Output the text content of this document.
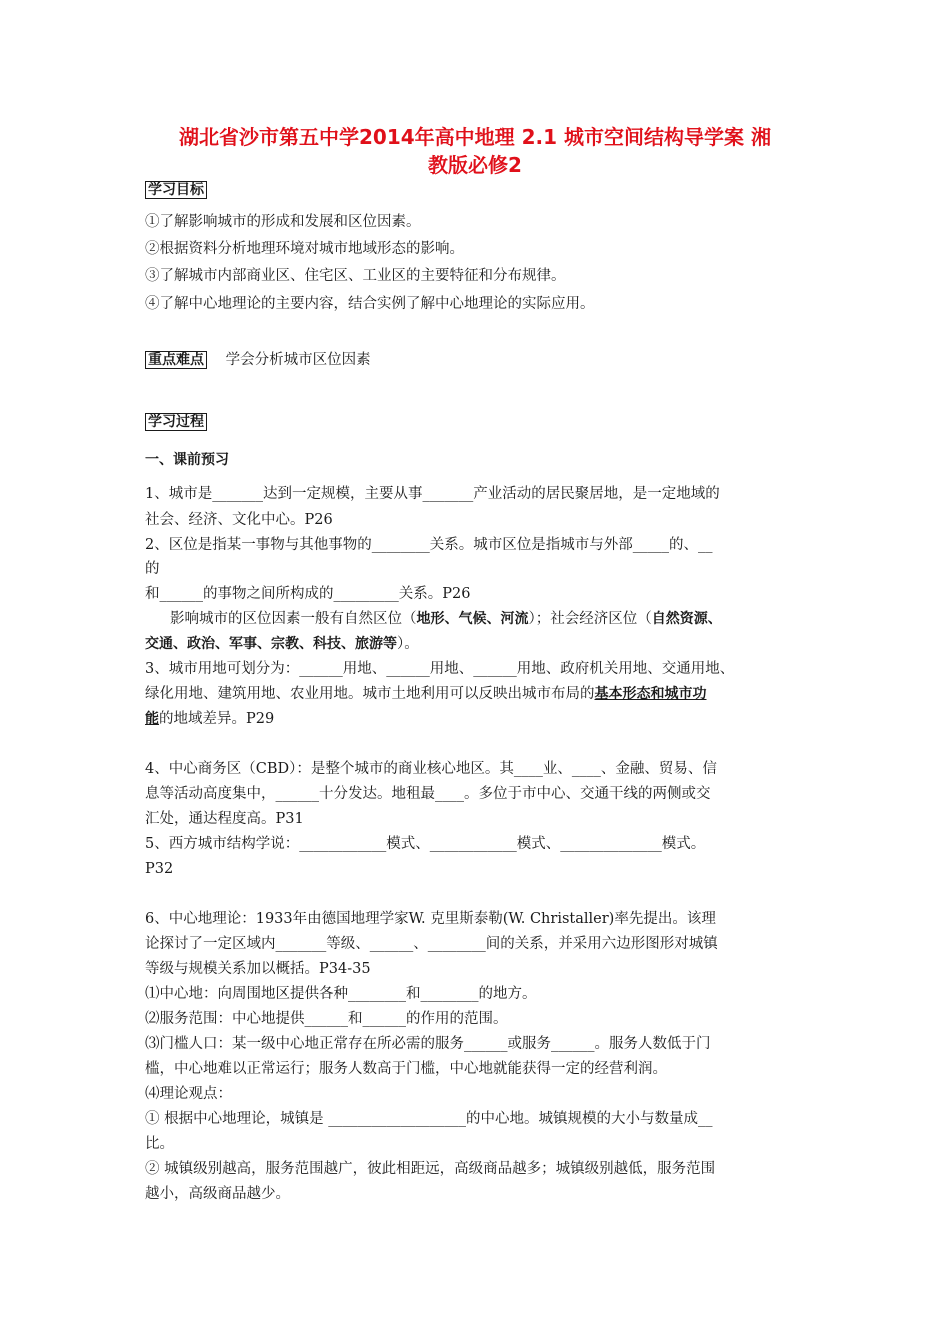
湖北省沙市第五中学2014年高中地理 2.1 城市空间结构导学案 湘
教版必修2
学习目标
①了解影响城市的形成和发展和区位因素。
②根据资料分析地理环境对城市地域形态的影响。
③了解城市内部商业区、住宅区、工业区的主要特征和分布规律。
④了解中心地理论的主要内容，结合实例了解中心地理论的实际应用。
重点难点 学会分析城市区位因素
学习过程
一、课前预习
1、城市是_______达到一定规模，主要从事_______产业活动的居民聚居地，是一定地域的
社会、经济、文化中心。P26
2、区位是指某一事物与其他事物的________关系。城市区位是指城市与外部_____的、__
的
和______的事物之间所构成的_________关系。P26
影响城市的区位因素一般有自然区位（地形、气候、河流）；社会经济区位（自然资源、
交通、政治、军事、宗教、科技、旅游等）。
3、城市用地可划分为：______用地、______用地、______用地、政府机关用地、交通用地、
绿化用地、建筑用地、农业用地。城市土地利用可以反映出城市布局的基本形态和城市功
能的地域差异。P29
4、中心商务区（CBD）：是整个城市的商业核心地区。其____业、____、金融、贸易、信
息等活动高度集中，______十分发达。地租最____。多位于市中心、交通干线的两侧或交
汇处，通达程度高。P31
5、西方城市结构学说：____________模式、____________模式、______________模式。
P32
6、中心地理论：1933年由德国地理学家W. 克里斯泰勒(W. Christaller)率先提出。该理
论探讨了一定区域内_______等级、______、________间的关系，并采用六边形图形对城镇
等级与规模关系加以概括。P34-35
⑴中心地：向周围地区提供各种________和________的地方。
⑵服务范围：中心地提供______和______的作用的范围。
⑶门槛人口：某一级中心地正常存在所必需的服务______或服务______。服务人数低于门
槛，中心地难以正常运行；服务人数高于门槛，中心地就能获得一定的经营利润。
⑷理论观点：
① 根据中心地理论，城镇是 ___________________的中心地。城镇规模的大小与数量成__
比。
② 城镇级别越高，服务范围越广，彼此相距远，高级商品越多；城镇级别越低，服务范围
越小，高级商品越少。
